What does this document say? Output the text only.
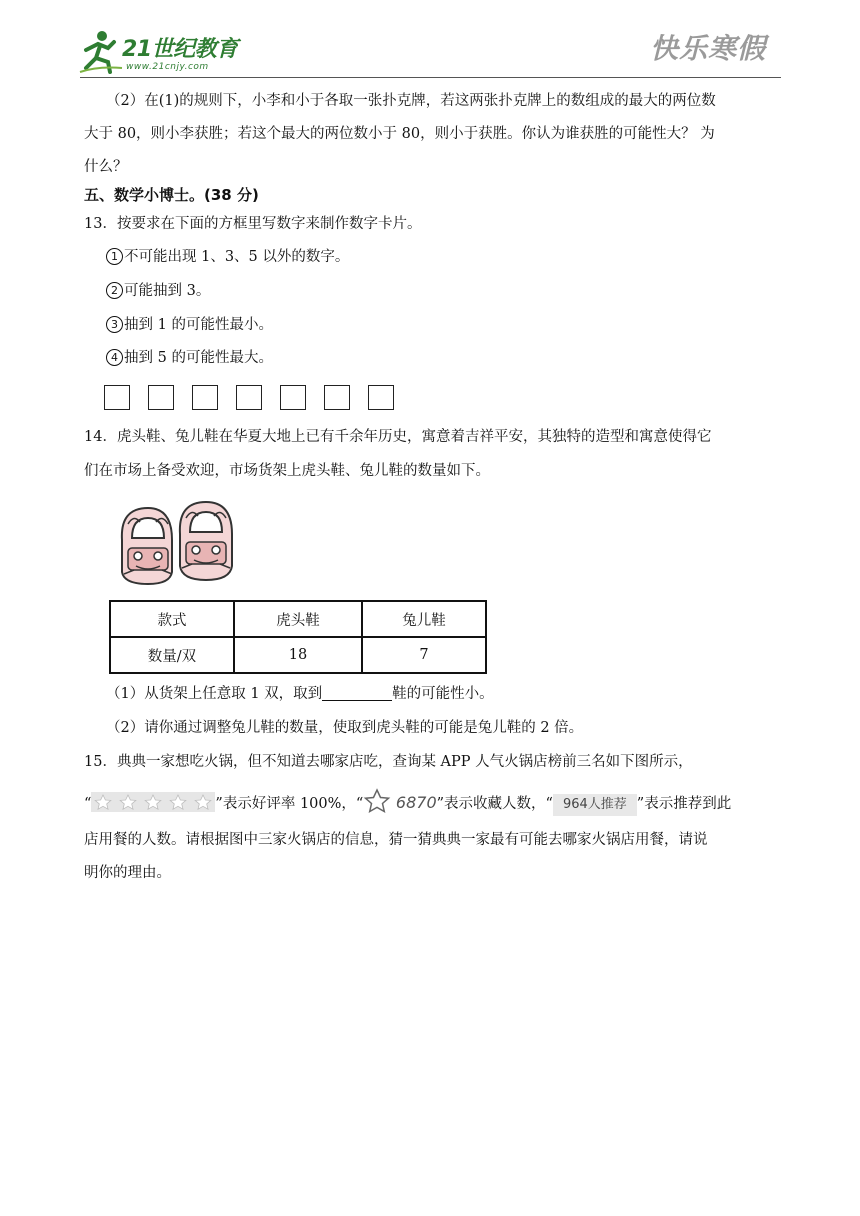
21世纪教育
www.21cnjy.com
快乐寒假
（2）在(1)的规则下，小李和小于各取一张扑克牌，若这两张扑克牌上的数组成的最大的两位数
大于 80，则小李获胜；若这个最大的两位数小于 80，则小于获胜。你认为谁获胜的可能性大？ 为
什么？
五、数学小博士。(38 分)
13．按要求在下面的方框里写数字来制作数字卡片。
1 不可能出现 1、3、5 以外的数字。
2 可能抽到 3。
3 抽到 1 的可能性最小。
4 抽到 5 的可能性最大。
14．虎头鞋、兔儿鞋在华夏大地上已有千余年历史，寓意着吉祥平安，其独特的造型和寓意使得它
们在市场上备受欢迎，市场货架上虎头鞋、兔儿鞋的数量如下。
款式	虎头鞋	兔儿鞋
数量/双	18	7
（1）从货架上任意取 1 双，取到	鞋的可能性小。
（2）请你通过调整兔儿鞋的数量，使取到虎头鞋的可能是兔儿鞋的 2 倍。
15．典典一家想吃火锅，但不知道去哪家店吃，查询某 APP 人气火锅店榜前三名如下图所示，
“	”表示好评率 100%，“ 6870”表示收藏人数，“ 964人推荐 ”表示推荐到此
店用餐的人数。请根据图中三家火锅店的信息，猜一猜典典一家最有可能去哪家火锅店用餐，请说
明你的理由。
